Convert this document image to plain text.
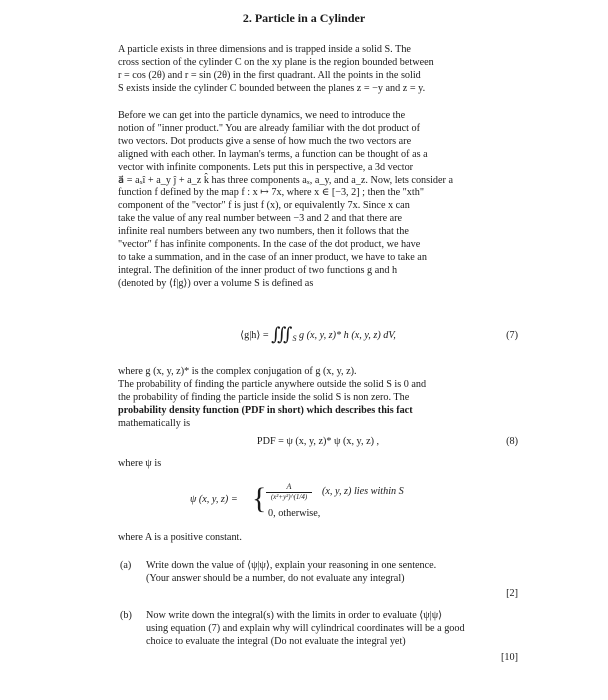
2. Particle in a Cylinder
A particle exists in three dimensions and is trapped inside a solid S. The
cross section of the cylinder C on the xy plane is the region bounded between
r = cos (2θ) and r = sin (2θ) in the first quadrant. All the points in the solid
S exists inside the cylinder C bounded between the planes z = −y and z = y.
Before we can get into the particle dynamics, we need to introduce the
notion of "inner product." You are already familiar with the dot product of
two vectors. Dot products give a sense of how much the two vectors are
aligned with each other. In layman's terms, a function can be thought of as a
vector with infinite components. Lets put this in perspective, a 3d vector
a⃗ = aₓî + a_y ĵ + a_z k̂ has three components aₓ, a_y, and a_z. Now, lets consider a
function f defined by the map f : x ↦ 7x, where x ∈ [−3, 2] ; then the "xth"
component of the "vector" f is just f (x), or equivalently 7x. Since x can
take the value of any real number between −3 and 2 and that there are
infinite real numbers between any two numbers, then it follows that the
"vector" f has infinite components. In the case of the dot product, we have
to take a summation, and in the case of an inner product, we have to take an
integral. The definition of the inner product of two functions g and h
(denoted by ⟨f|g⟩) over a volume S is defined as
⟨g|h⟩ = $∭_S$ g (x, y, z)* h (x, y, z) dV,	(7)
where g (x, y, z)* is the complex conjugation of g (x, y, z).
The probability of finding the particle anywhere outside the solid S is 0 and
the probability of finding the particle inside the solid S is non zero. The
probability density function (PDF in short) which describes this fact
mathematically is
PDF = ψ (x, y, z)* ψ (x, y, z) ,	(8)
where ψ is
ψ (x, y, z) = { $\frac{A}{\text{(x²+y²)\textasciicircum{}(1/4)}} (x$, y, z) lies within S
0, otherwise,
where A is a positive constant.
(a) Write down the value of ⟨ψ|ψ⟩, explain your reasoning in one sentence.
(Your answer should be a number, do not evaluate any integral)
[2]
(b) Now write down the integral(s) with the limits in order to evaluate ⟨ψ|ψ⟩
using equation (7) and explain why will cylindrical coordinates will be a good
choice to evaluate the integral (Do not evaluate the integral yet)
[10]
